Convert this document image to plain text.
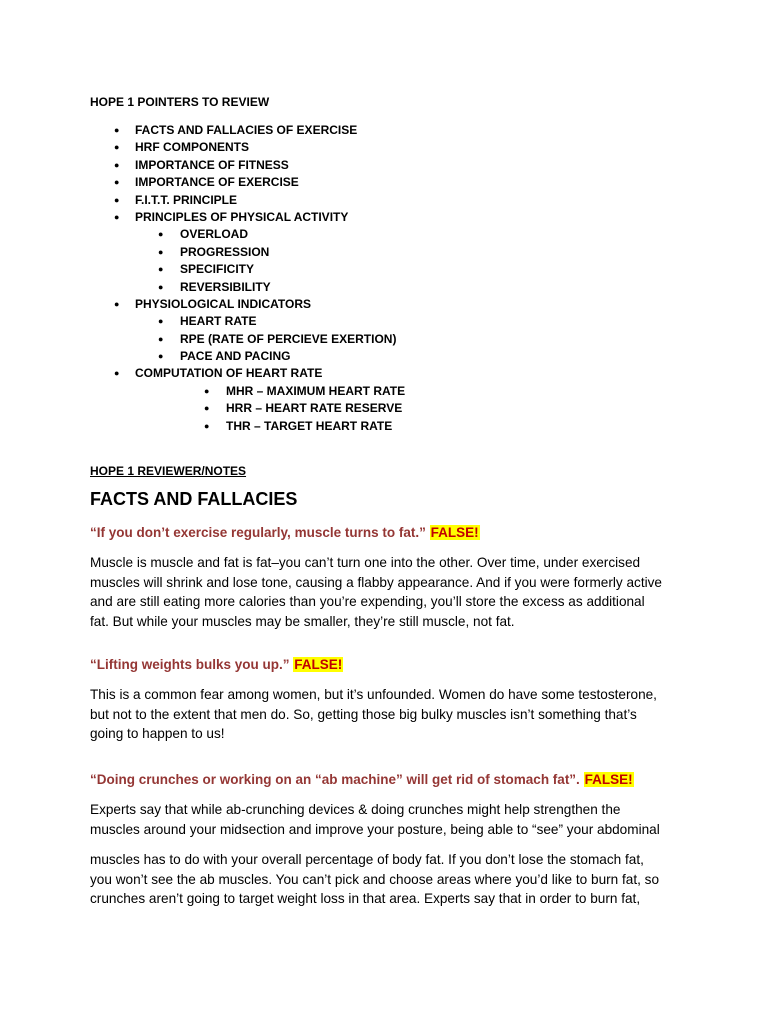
HOPE 1 POINTERS TO REVIEW
● FACTS AND FALLACIES OF EXERCISE
● HRF COMPONENTS
● IMPORTANCE OF FITNESS
● IMPORTANCE OF EXERCISE
● F.I.T.T. PRINCIPLE
● PRINCIPLES OF PHYSICAL ACTIVITY
● OVERLOAD
● PROGRESSION
● SPECIFICITY
● REVERSIBILITY
● PHYSIOLOGICAL INDICATORS
● HEART RATE
● RPE (RATE OF PERCIEVE EXERTION)
● PACE AND PACING
● COMPUTATION OF HEART RATE
● MHR – MAXIMUM HEART RATE
● HRR – HEART RATE RESERVE
● THR – TARGET HEART RATE
HOPE 1 REVIEWER/NOTES
FACTS AND FALLACIES
“If you don’t exercise regularly, muscle turns to fat.” FALSE!

Muscle is muscle and fat is fat–you can’t turn one into the other. Over time, under exercised

muscles will shrink and lose tone, causing a flabby appearance. And if you were formerly active

and are still eating more calories than you’re expending, you’ll store the excess as additional

fat. But while your muscles may be smaller, they’re still muscle, not fat.

“Lifting weights bulks you up.” FALSE!

This is a common fear among women, but it’s unfounded. Women do have some testosterone,

but not to the extent that men do. So, getting those big bulky muscles isn’t something that’s

going to happen to us!

“Doing crunches or working on an “ab machine” will get rid of stomach fat”. FALSE!

Experts say that while ab-crunching devices & doing crunches might help strengthen the

muscles around your midsection and improve your posture, being able to “see” your abdominal

muscles has to do with your overall percentage of body fat. If you don’t lose the stomach fat,

you won’t see the ab muscles. You can’t pick and choose areas where you’d like to burn fat, so

crunches aren’t going to target weight loss in that area. Experts say that in order to burn fat,
